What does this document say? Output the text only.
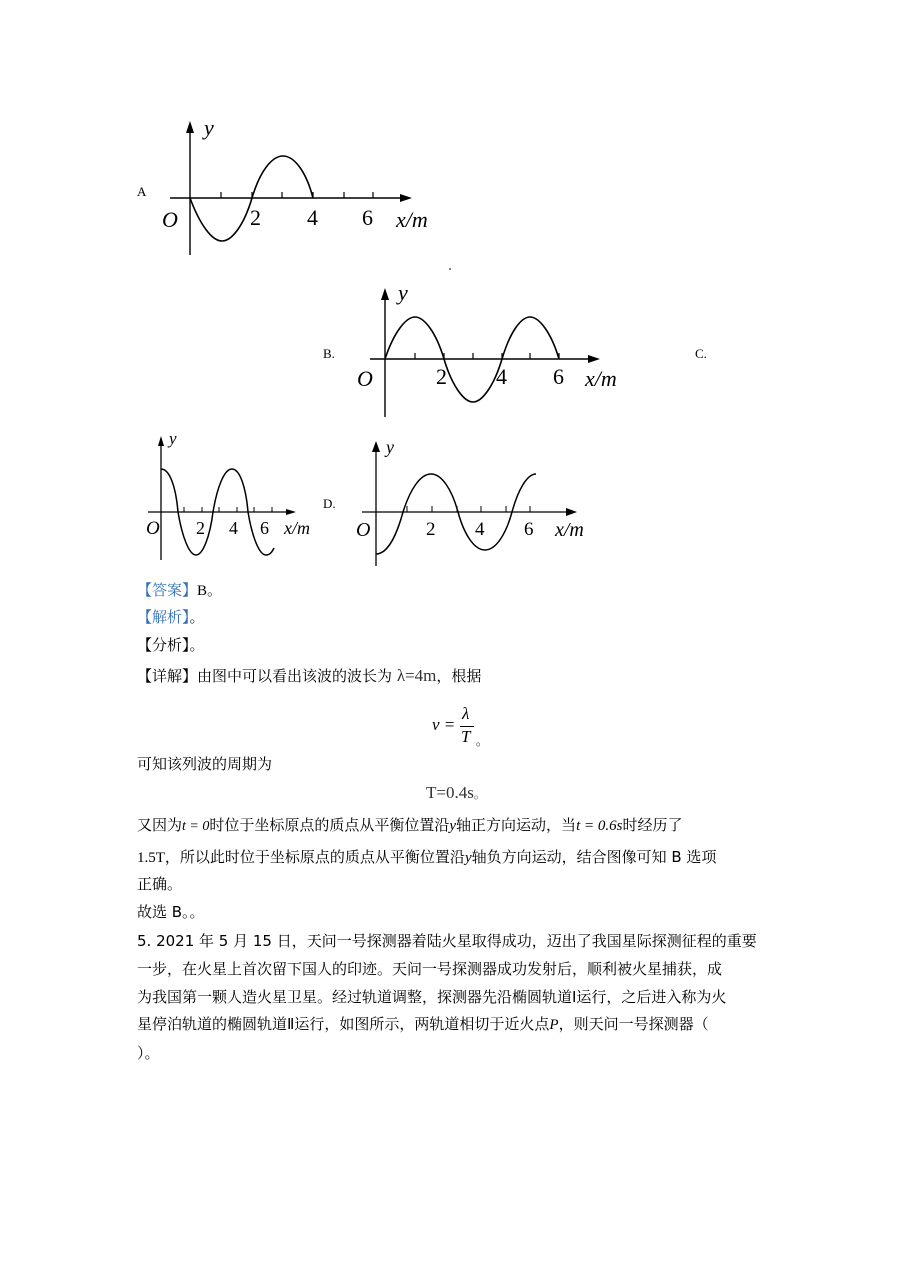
A
y
O	2 4 6 x/m
B.
y
O	2 4 6 x/m
C.
y
O 2 4 6 x/m
D.
y
O	2 4 6 x/m
【答案】B。
【解析】。
【分析】。
【详解】由图中可以看出该波的波长为 λ=4m，根据
v =
λ
T 。
可知该列波的周期为
T=0.4s。
又因为t = 0时位于坐标原点的质点从平衡位置沿y轴正方向运动，当t = 0.6s时经历了
1.5T，所以此时位于坐标原点的质点从平衡位置沿y轴负方向运动，结合图像可知 B 选项
正确。
故选 B。。
5. 2021 年 5 月 15 日，天问一号探测器着陆火星取得成功，迈出了我国星际探测征程的重要
一步，在火星上首次留下国人的印迹。天问一号探测器成功发射后，顺利被火星捕获，成
为我国第一颗人造火星卫星。经过轨道调整，探测器先沿椭圆轨道Ⅰ运行，之后进入称为火
星停泊轨道的椭圆轨道Ⅱ运行，如图所示，两轨道相切于近火点P，则天问一号探测器（
）。
